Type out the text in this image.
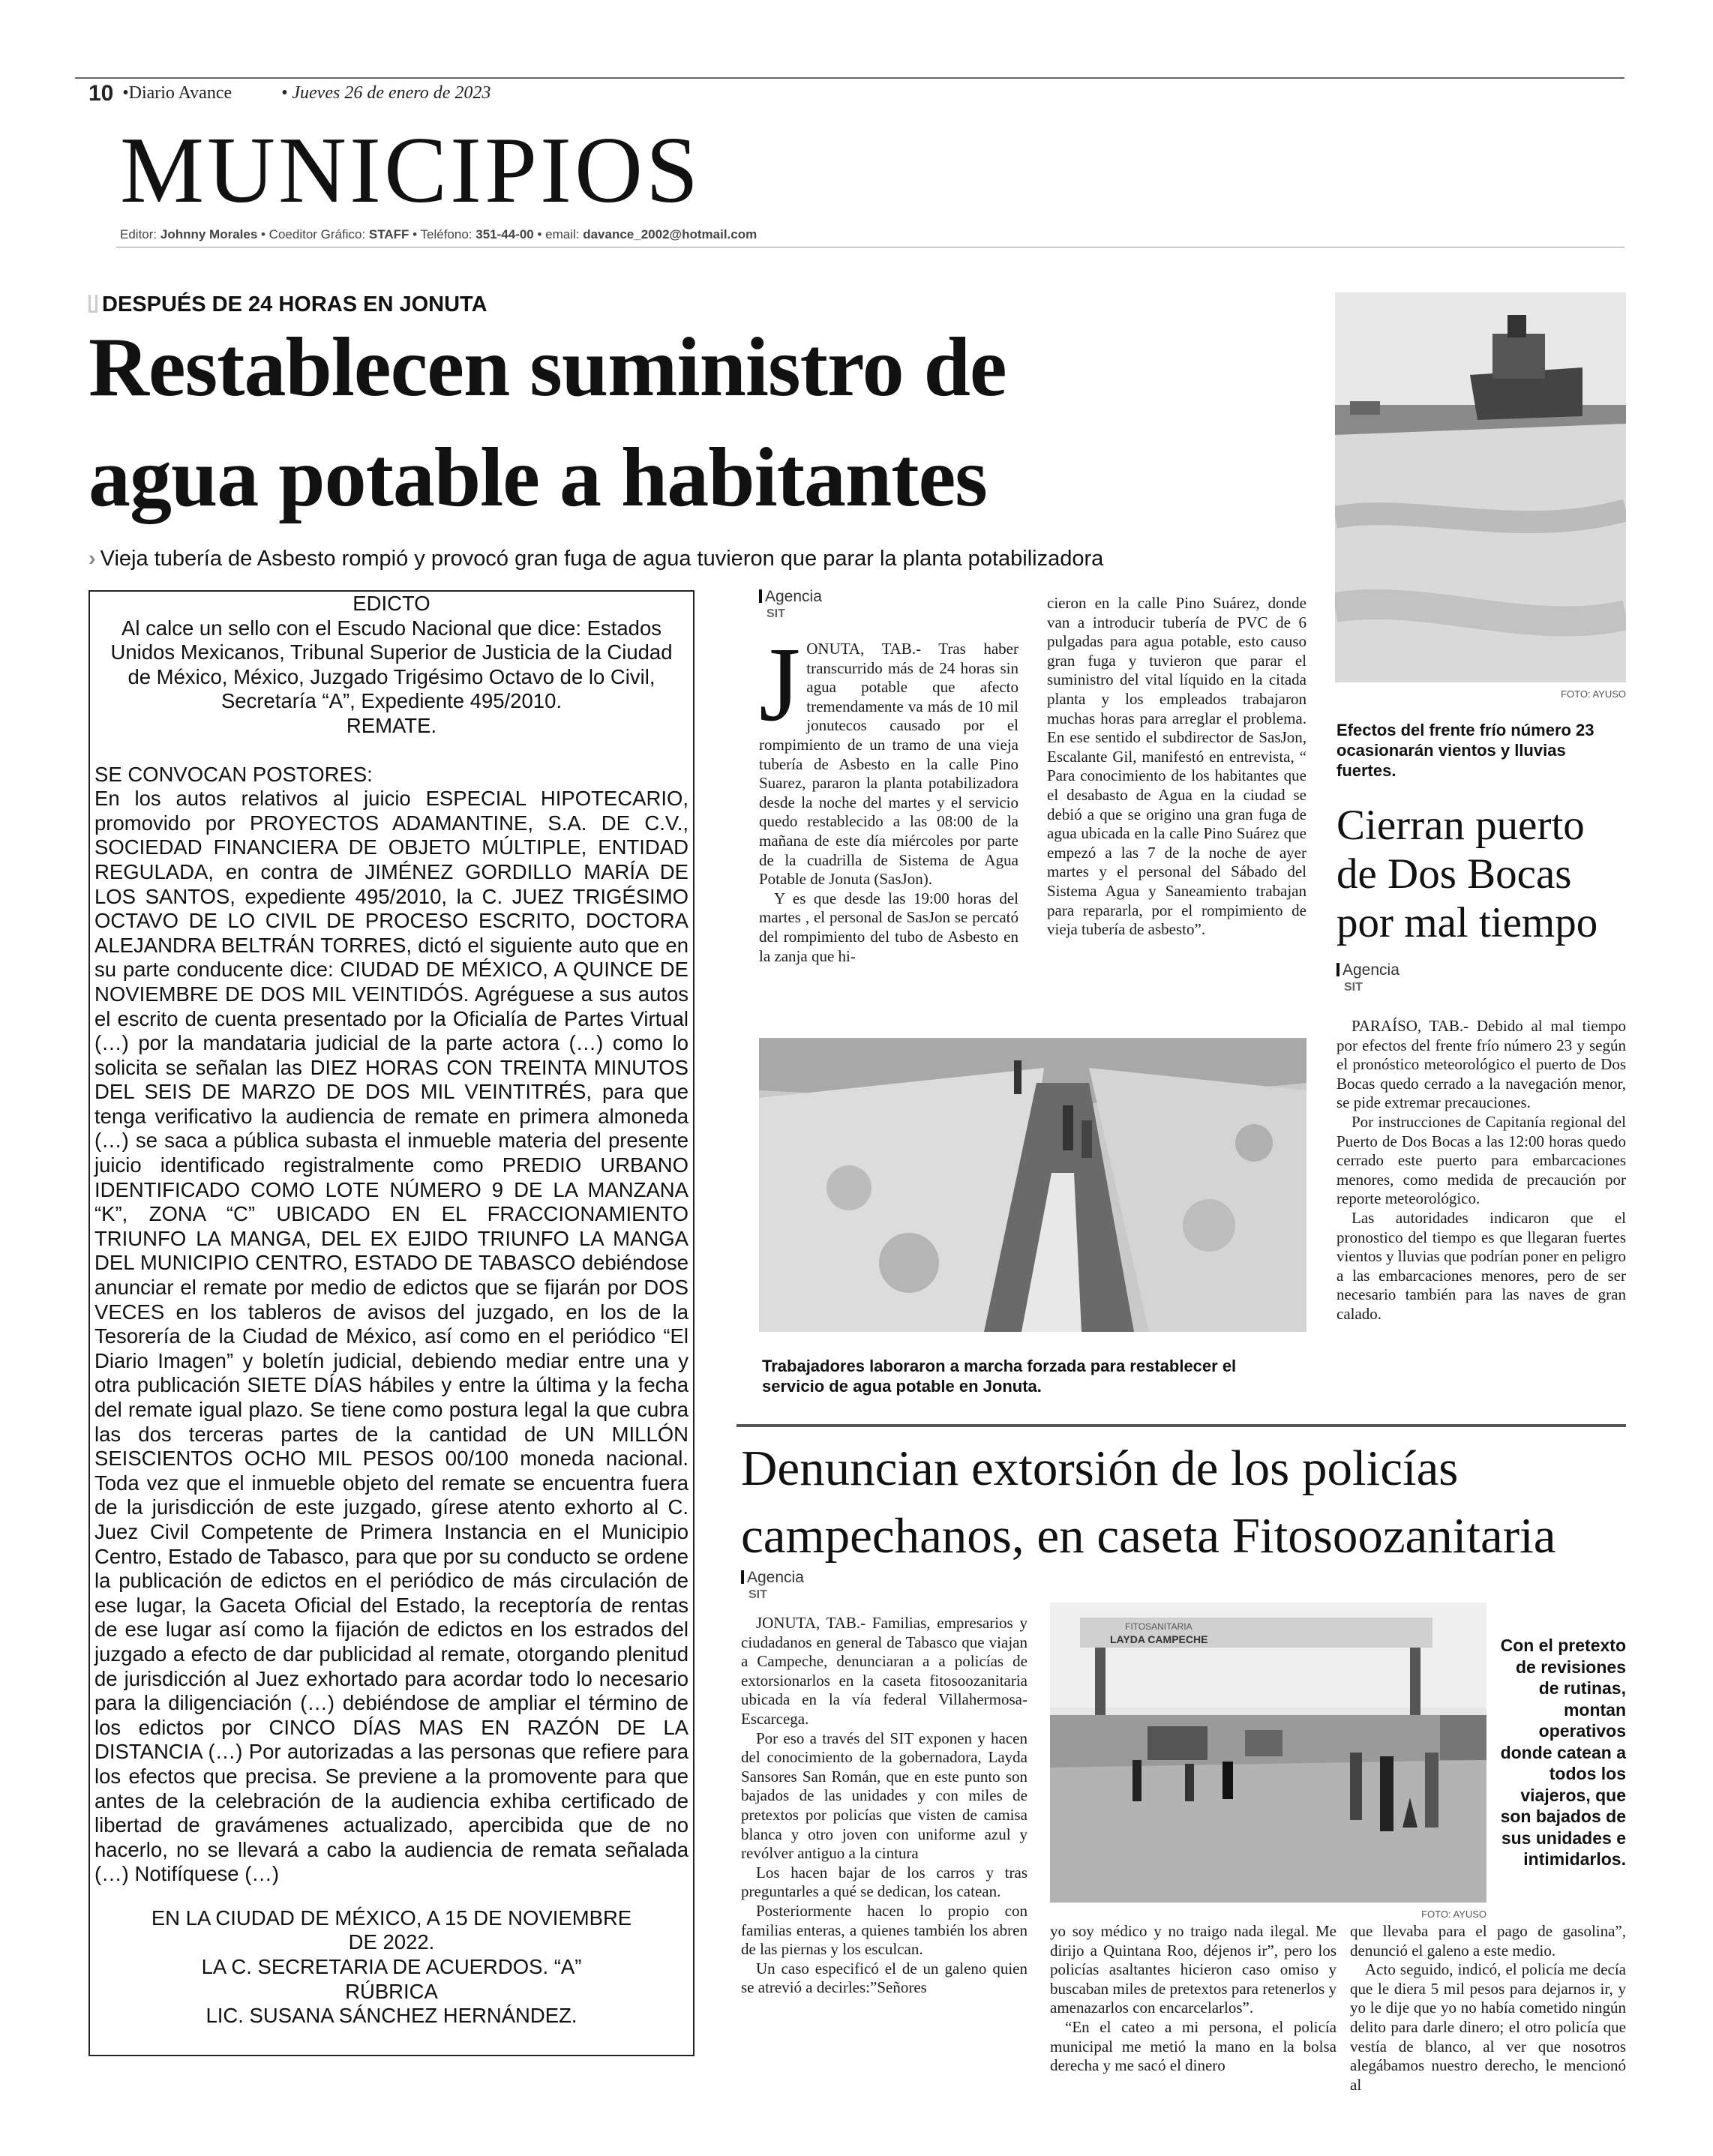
10 •Diario Avance	• Jueves 26 de enero de 2023
MUNICIPIOS
Editor: Johnny Morales • Coeditor Gráfico: STAFF • Teléfono: 351-44-00 • email: davance_2002@hotmail.com
DESPUÉS DE 24 HORAS EN JONUTA
Restablecen suministro de
agua potable a habitantes
› Vieja tubería de Asbesto rompió y provocó gran fuga de agua tuvieron que parar la planta potabilizadora
EDICTO
Al calce un sello con el Escudo Nacional que dice: Estados Unidos Mexicanos, Tribunal Superior de Justicia de la Ciudad de México, México, Juzgado Trigésimo Octavo de lo Civil, Secretaría “A”, Expediente 495/2010.
REMATE.
SE CONVOCAN POSTORES:
En los autos relativos al juicio ESPECIAL HIPOTECARIO, promovido por PROYECTOS ADAMANTINE, S.A. DE C.V., SOCIEDAD FINANCIERA DE OBJETO MÚLTIPLE, ENTIDAD REGULADA, en contra de JIMÉNEZ GORDILLO MARÍA DE LOS SANTOS, expediente 495/2010, la C. JUEZ TRIGÉSIMO OCTAVO DE LO CIVIL DE PROCESO ESCRITO, DOCTORA ALEJANDRA BELTRÁN TORRES, dictó el siguiente auto que en su parte conducente dice: CIUDAD DE MÉXICO, A QUINCE DE NOVIEMBRE DE DOS MIL VEINTIDÓS. Agréguese a sus autos el escrito de cuenta presentado por la Oficialía de Partes Virtual (…) por la mandataria judicial de la parte actora (…) como lo solicita se señalan las DIEZ HORAS CON TREINTA MINUTOS DEL SEIS DE MARZO DE DOS MIL VEINTITRÉS, para que tenga verificativo la audiencia de remate en primera almoneda (…) se saca a pública subasta el inmueble materia del presente juicio identificado registralmente como PREDIO URBANO IDENTIFICADO COMO LOTE NÚMERO 9 DE LA MANZANA “K”, ZONA “C” UBICADO EN EL FRACCIONAMIENTO TRIUNFO LA MANGA, DEL EX EJIDO TRIUNFO LA MANGA DEL MUNICIPIO CENTRO, ESTADO DE TABASCO debiéndose anunciar el remate por medio de edictos que se fijarán por DOS VECES en los tableros de avisos del juzgado, en los de la Tesorería de la Ciudad de México, así como en el periódico “El Diario Imagen” y boletín judicial, debiendo mediar entre una y otra publicación SIETE DÍAS hábiles y entre la última y la fecha del remate igual plazo. Se tiene como postura legal la que cubra las dos terceras partes de la cantidad de UN MILLÓN SEISCIENTOS OCHO MIL PESOS 00/100 moneda nacional. Toda vez que el inmueble objeto del remate se encuentra fuera de la jurisdicción de este juzgado, gírese atento exhorto al C. Juez Civil Competente de Primera Instancia en el Municipio Centro, Estado de Tabasco, para que por su conducto se ordene la publicación de edictos en el periódico de más circulación de ese lugar, la Gaceta Oficial del Estado, la receptoría de rentas de ese lugar así como la fijación de edictos en los estrados del juzgado a efecto de dar publicidad al remate, otorgando plenitud de jurisdicción al Juez exhortado para acordar todo lo necesario para la diligenciación (…) debiéndose de ampliar el término de los edictos por CINCO DÍAS MAS EN RAZÓN DE LA DISTANCIA (…) Por autorizadas a las personas que refiere para los efectos que precisa. Se previene a la promovente para que antes de la celebración de la audiencia exhiba certificado de libertad de gravámenes actualizado, apercibida que de no hacerlo, no se llevará a cabo la audiencia de remata señalada (…) Notifíquese (…)
EN LA CIUDAD DE MÉXICO, A 15 DE NOVIEMBRE DE 2022.
LA C. SECRETARIA DE ACUERDOS. “A”
RÚBRICA
LIC. SUSANA SÁNCHEZ HERNÁNDEZ.
Agencia
SIT
J ONUTA, TAB.- Tras haber transcurrido más de 24 horas sin agua potable que afecto tremendamente va más de 10 mil jonutecos causado por el rompimiento de un tramo de una vieja tubería de Asbesto en la calle Pino Suarez, pararon la planta potabilizadora desde la noche del martes y el servicio quedo restablecido a las 08:00 de la mañana de este día miércoles por parte de la cuadrilla de Sistema de Agua Potable de Jonuta (SasJon).

Y es que desde las 19:00 horas del martes , el personal de SasJon se percató del rompimiento del tubo de Asbesto en la zanja que hi-

cieron en la calle Pino Suárez, donde van a introducir tubería de PVC de 6 pulgadas para agua potable, esto causo gran fuga y tuvieron que parar el suministro del vital líquido en la citada planta y los empleados trabajaron muchas horas para arreglar el problema. En ese sentido el subdirector de SasJon, Escalante Gil, manifestó en entrevista, “ Para conocimiento de los habitantes que el desabasto de Agua en la ciudad se debió a que se origino una gran fuga de agua ubicada en la calle Pino Suárez que empezó a las 7 de la noche de ayer martes y el personal del Sábado del Sistema Agua y Saneamiento trabajan para repararla, por el rompimiento de vieja tubería de asbesto”.

Trabajadores laboraron a marcha forzada para restablecer el servicio de agua potable en Jonuta.
FOTO: AYUSO
Efectos del frente frío número 23 ocasionarán vientos y lluvias fuertes.
Cierran puerto de Dos Bocas por mal tiempo
Agencia
SIT

PARAÍSO, TAB.- Debido al mal tiempo por efectos del frente frío número 23 y según el pronóstico meteorológico el puerto de Dos Bocas quedo cerrado a la navegación menor, se pide extremar precauciones.

Por instrucciones de Capitanía regional del Puerto de Dos Bocas a las 12:00 horas quedo cerrado este puerto para embarcaciones menores, como medida de precaución por reporte meteorológico.

Las autoridades indicaron que el pronostico del tiempo es que llegaran fuertes vientos y lluvias que podrían poner en peligro a las embarcaciones menores, pero de ser necesario también para las naves de gran calado.

Denuncian extorsión de los policías
campechanos, en caseta Fitosoozanitaria
Agencia
SIT

JONUTA, TAB.- Familias, empresarios y ciudadanos en general de Tabasco que viajan a Campeche, denunciaran a a policías de extorsionarlos en la caseta fitosoozanitaria ubicada en la vía federal Villahermosa-Escarcega.

Por eso a través del SIT exponen y hacen del conocimiento de la gobernadora, Layda Sansores San Román, que en este punto son bajados de las unidades y con miles de pretextos por policías que visten de camisa blanca y otro joven con uniforme azul y revólver antiguo a la cintura

Los hacen bajar de los carros y tras preguntarles a qué se dedican, los catean.

Posteriormente hacen lo propio con familias enteras, a quienes también los abren de las piernas y los esculcan.

Un caso especificó el de un galeno quien se atrevió a decirles:”Señores

FITOSANITARIA
LAYDA CAMPECHE
FOTO: AYUSO
Con el pretexto de revisiones de rutinas, montan operativos donde catean a todos los viajeros, que son bajados de sus unidades e intimidarlos.

yo soy médico y no traigo nada ilegal. Me dirijo a Quintana Roo, déjenos ir”, pero los policías asaltantes hicieron caso omiso y buscaban miles de pretextos para retenerlos y amenazarlos con encarcelarlos”.

“En el cateo a mi persona, el policía municipal me metió la mano en la bolsa derecha y me sacó el dinero

que llevaba para el pago de gasolina”, denunció el galeno a este medio.

Acto seguido, indicó, el policía me decía que le diera 5 mil pesos para dejarnos ir, y yo le dije que yo no había cometido ningún delito para darle dinero; el otro policía que vestía de blanco, al ver que nosotros alegábamos nuestro derecho, le mencionó al
